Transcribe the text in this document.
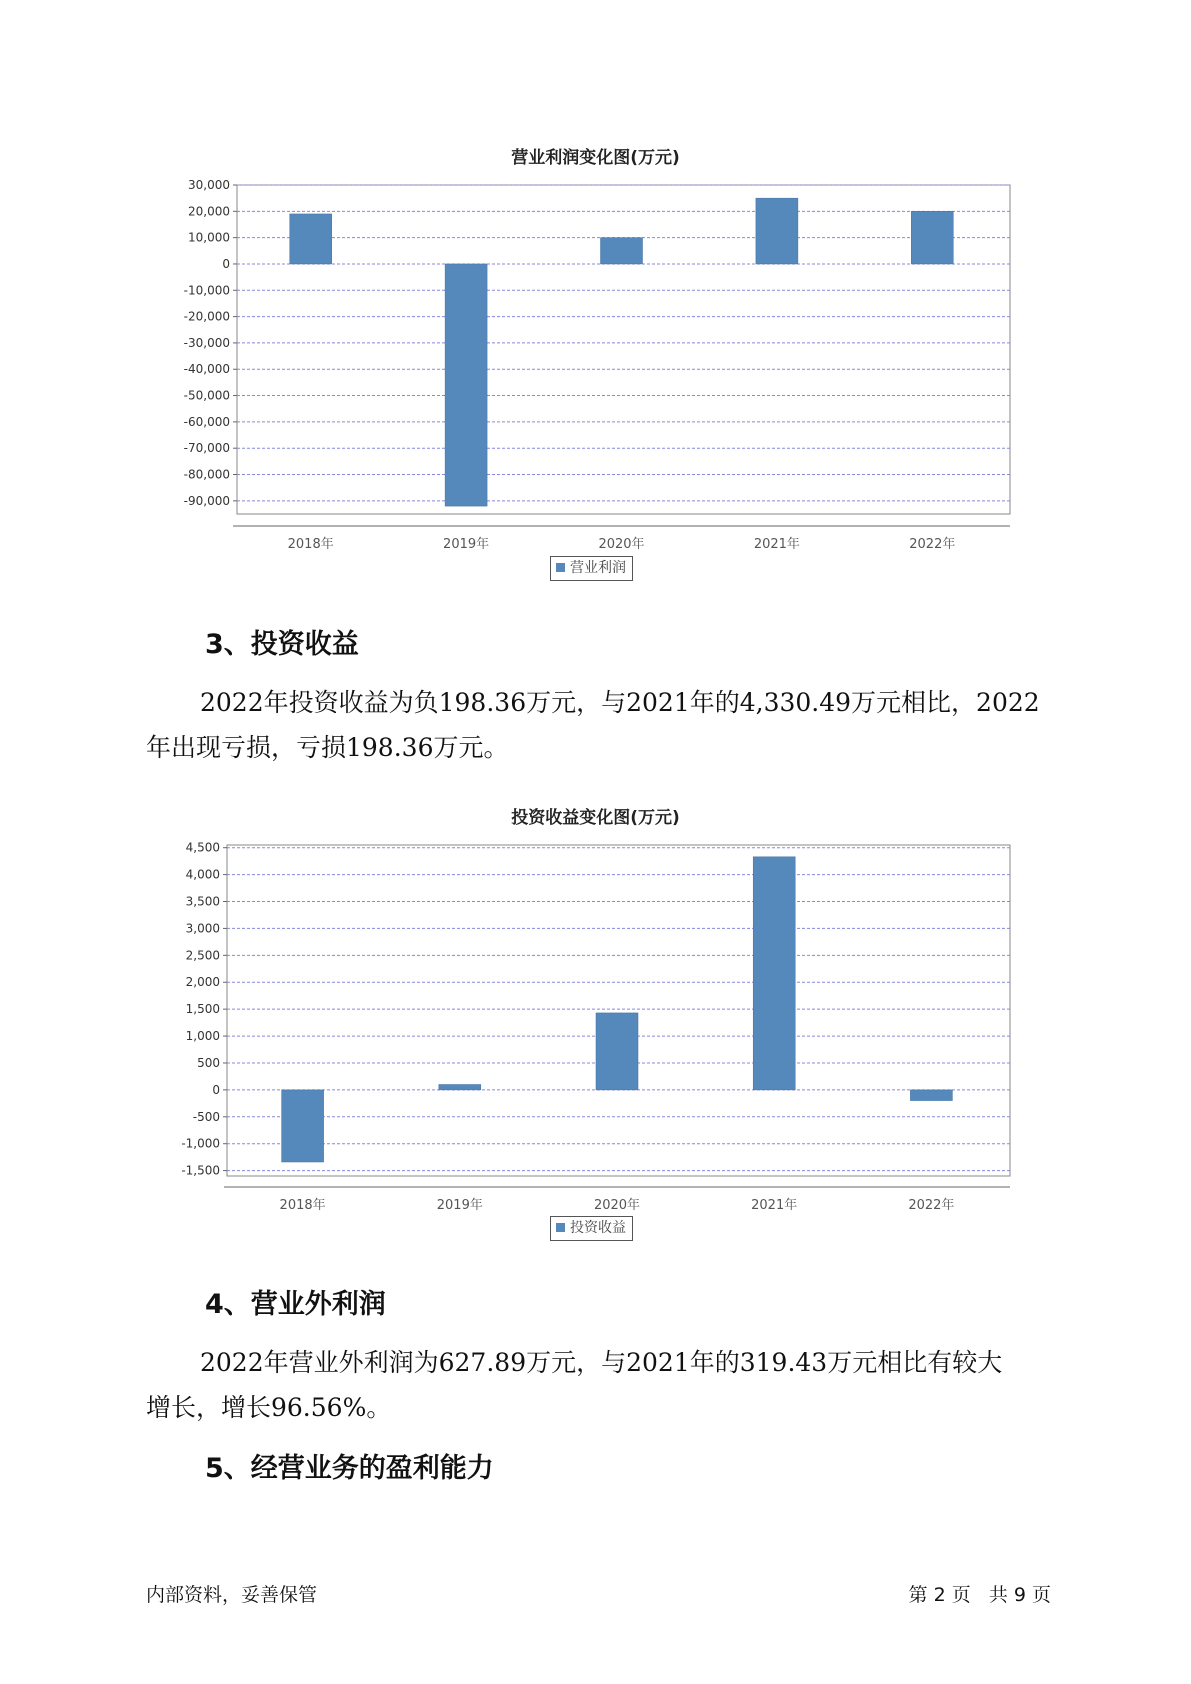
营业利润变化图(万元)
30,000
20,000
10,000
0
-10,000
-20,000
-30,000
-40,000
-50,000
-60,000
-70,000
-80,000
-90,000
2018年	2019年	2020年	2021年	2022年
营业利润
3、投资收益
2022年投资收益为负198.36万元，与2021年的4,330.49万元相比，2022
年出现亏损，亏损198.36万元。
投资收益变化图(万元)
4,500
4,000
3,500
3,000
2,500
2,000
1,500
1,000
500
0
-500
-1,000
-1,500
2018年	2019年	2020年	2021年	2022年
投资收益
4、营业外利润
2022年营业外利润为627.89万元，与2021年的319.43万元相比有较大
增长，增长96.56%。
5、经营业务的盈利能力
内部资料，妥善保管	第 2 页   共 9 页
